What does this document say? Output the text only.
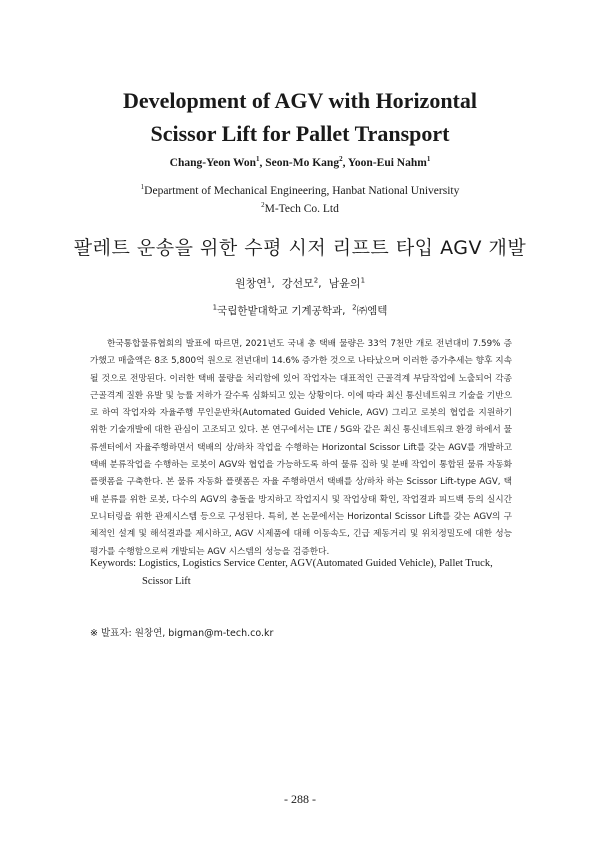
Development of AGV with Horizontal
Scissor Lift for Pallet Transport
Chang-Yeon Won$^1$, Seon-Mo Kang$^2$, Yoon-Eui Nahm$^1$
$^1$Department of Mechanical Engineering, Hanbat National University
$^2$M-Tech Co. Ltd
팔레트 운송을 위한 수평 시저 리프트 타입 AGV 개발
원창연$^1$,  강선모$^2$,  남윤의$^1$
$^1$국립한밭대학교 기계공학과, $^2$㈜엠텍
한국통합물류협회의 발표에 따르면, 2021년도 국내 총 택배 물량은 33억 7천만 개로 전년대비 7.59% 증가했고 매출액은 8조 5,800억 원으로 전년대비 14.6% 증가한 것으로 나타났으며 이러한 증가추세는 향후 지속될 것으로 전망된다. 이러한 택배 물량을 처리함에 있어 작업자는 대표적인 근골격계 부담작업에 노출되어 각종 근골격계 질환 유발 및 능률 저하가 갈수록 심화되고 있는 상황이다. 이에 따라 최신 통신네트워크 기술을 기반으로 하여 작업자와 자율주행 무인운반차(Automated Guided Vehicle, AGV) 그리고 로봇의 협업을 지원하기 위한 기술개발에 대한 관심이 고조되고 있다. 본 연구에서는 LTE / 5G와 같은 최신 통신네트워크 환경 하에서 물류센터에서 자율주행하면서 택배의 상/하차 작업을 수행하는 Horizontal Scissor Lift를 갖는 AGV를 개발하고 택배 분류작업을 수행하는 로봇이 AGV와 협업을 가능하도록 하여 물류 집하 및 분배 작업이 통합된 물류 자동화 플랫폼을 구축한다. 본 물류 자동화 플랫폼은 자율 주행하면서 택배를 상/하차 하는 Scissor Lift-type AGV, 택배 분류를 위한 로봇, 다수의 AGV의 충돌을 방지하고 작업지시 및 작업상태 확인, 작업결과 피드백 등의 실시간 모니터링을 위한 관제시스템 등으로 구성된다. 특히, 본 논문에서는 Horizontal Scissor Lift를 갖는 AGV의 구체적인 설계 및 해석결과를 제시하고, AGV 시제품에 대해 이동속도, 긴급 제동거리 및 위치정밀도에 대한 성능 평가를 수행함으로써 개발되는 AGV 시스템의 성능을 검증한다.
Keywords: Logistics, Logistics Service Center, AGV(Automated Guided Vehicle), Pallet Truck,
Scissor Lift
※ 발표자: 원창연, bigman@m-tech.co.kr
- 288 -
